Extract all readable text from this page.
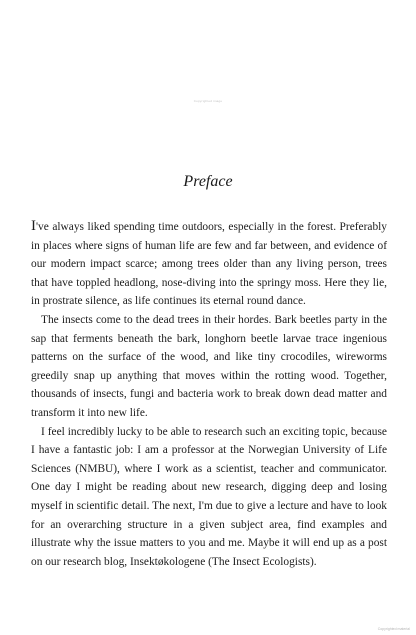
Copyrighted image
Preface

I've always liked spending time outdoors, especially in the forest. Preferably in places where signs of human life are few and far between, and evidence of our modern impact scarce; among trees older than any living person, trees that have toppled headlong, nose-diving into the springy moss. Here they lie, in prostrate silence, as life continues its eternal round dance.

The insects come to the dead trees in their hordes. Bark beetles party in the sap that ferments beneath the bark, longhorn beetle larvae trace ingenious patterns on the surface of the wood, and like tiny crocodiles, wireworms greedily snap up anything that moves within the rotting wood. Together, thousands of insects, fungi and bacteria work to break down dead matter and transform it into new life.

I feel incredibly lucky to be able to research such an exciting topic, because I have a fantastic job: I am a professor at the Norwegian University of Life Sciences (NMBU), where I work as a scientist, teacher and communicator. One day I might be reading about new research, digging deep and losing myself in scientific detail. The next, I'm due to give a lecture and have to look for an overarching structure in a given subject area, find examples and illustrate why the issue matters to you and me. Maybe it will end up as a post on our research blog, Insektøkologene (The Insect Ecologists).

Copyrighted material
